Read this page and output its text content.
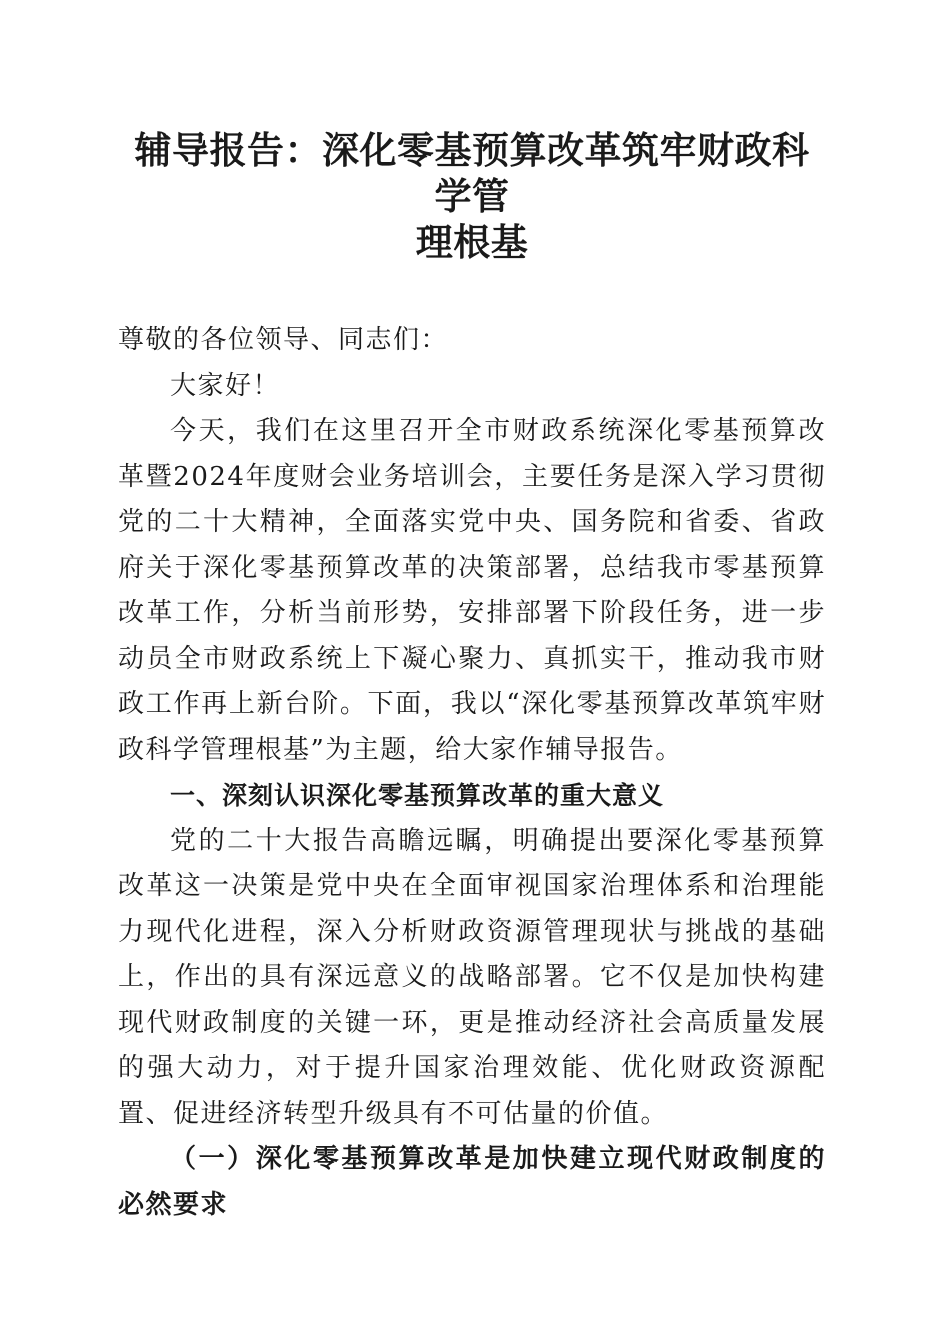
辅导报告：深化零基预算改革筑牢财政科学管
理根基

尊敬的各位领导、同志们：

大家好！

今天，我们在这里召开全市财政系统深化零基预算改革暨2024年度财会业务培训会，主要任务是深入学习贯彻党的二十大精神，全面落实党中央、国务院和省委、省政府关于深化零基预算改革的决策部署，总结我市零基预算改革工作，分析当前形势，安排部署下阶段任务，进一步动员全市财政系统上下凝心聚力、真抓实干，推动我市财政工作再上新台阶。下面，我以“深化零基预算改革筑牢财政科学管理根基”为主题，给大家作辅导报告。

一、深刻认识深化零基预算改革的重大意义

党的二十大报告高瞻远瞩，明确提出要深化零基预算改革这一决策是党中央在全面审视国家治理体系和治理能力现代化进程，深入分析财政资源管理现状与挑战的基础上，作出的具有深远意义的战略部署。它不仅是加快构建现代财政制度的关键一环，更是推动经济社会高质量发展的强大动力，对于提升国家治理效能、优化财政资源配置、促进经济转型升级具有不可估量的价值。

（一）深化零基预算改革是加快建立现代财政制度的必然要求
